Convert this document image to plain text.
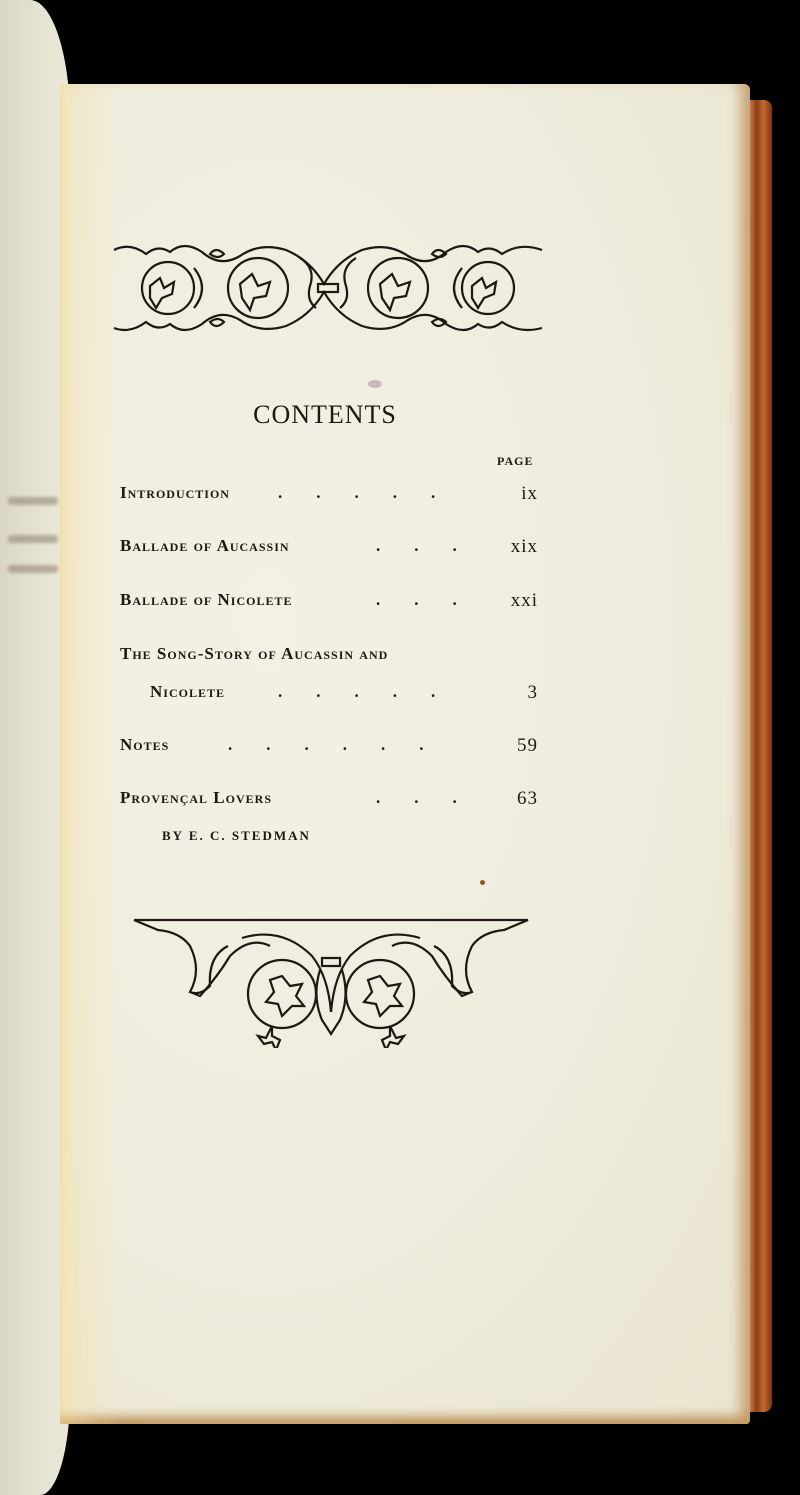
CONTENTS
PAGE
Introduction	.        .        .        .        .	ix
Ballade of Aucassin	.        .        .	xix
Ballade of Nicolete	.        .        .	xxi
The Song-Story of Aucassin and
Nicolete	.        .        .        .        .	3
Notes	.        .        .        .        .        .	59
Provençal Lovers	.        .        .	63
BY E. C. STEDMAN
